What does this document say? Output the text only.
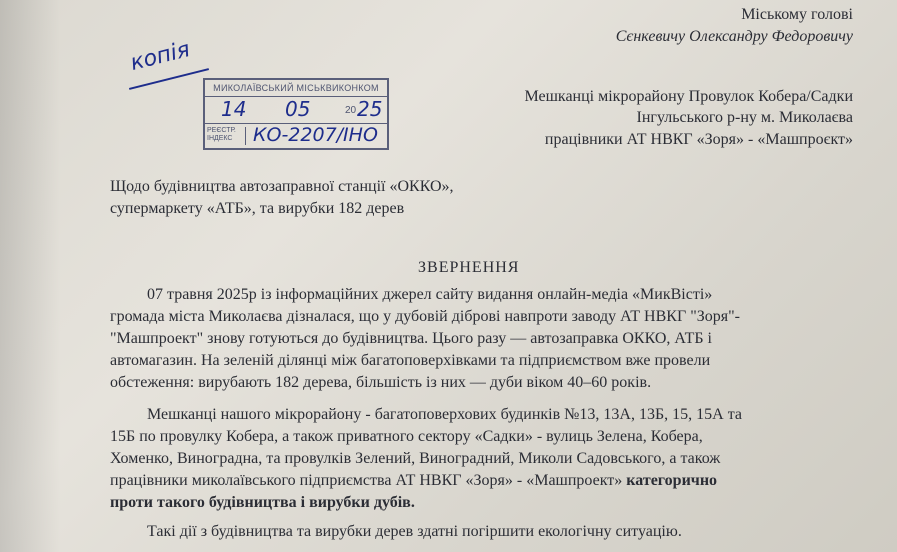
Міському голові
Сєнкевичу Олександру Федоровичу
копія
МИКОЛАЇВСЬКИЙ МІСЬКВИКОНКОМ
14 05	20 25
РЕЄСТР.
ІНДЕКС	КО-2207/ІНО
Мешканці мікрорайону Провулок Кобера/Садки
Інгульського р-ну м. Миколаєва
працівники АТ НВКГ «Зоря» - «Машпроєкт»
Щодо будівництва автозаправної станції «ОККО»,
супермаркету «АТБ», та вирубки 182 дерев
ЗВЕРНЕННЯ
07 травня 2025р із інформаційних джерел сайту видання онлайн-медіа «МикВісті»
громада міста Миколаєва дізналася, що у дубовій діброві навпроти заводу АТ НВКГ "Зоря"-
"Машпроект" знову готуються до будівництва. Цього разу — автозаправка ОККО, АТБ і
автомагазин. На зеленій ділянці між багатоповерхівками та підприємством вже провели
обстеження: вирубають 182 дерева, більшість із них — дуби віком 40–60 років.
Мешканці нашого мікрорайону - багатоповерхових будинків №13, 13А, 13Б, 15, 15А та
15Б по провулку Кобера, а також приватного сектору «Садки» - вулиць Зелена, Кобера,
Хоменко, Виноградна, та провулків Зелений, Виноградний, Миколи Садовського, а також
працівники миколаївського підприємства АТ НВКГ «Зоря» - «Машпроект» категорично
проти такого будівництва і вирубки дубів.
Такі дії з будівництва та вирубки дерев здатні погіршити екологічну ситуацію.
